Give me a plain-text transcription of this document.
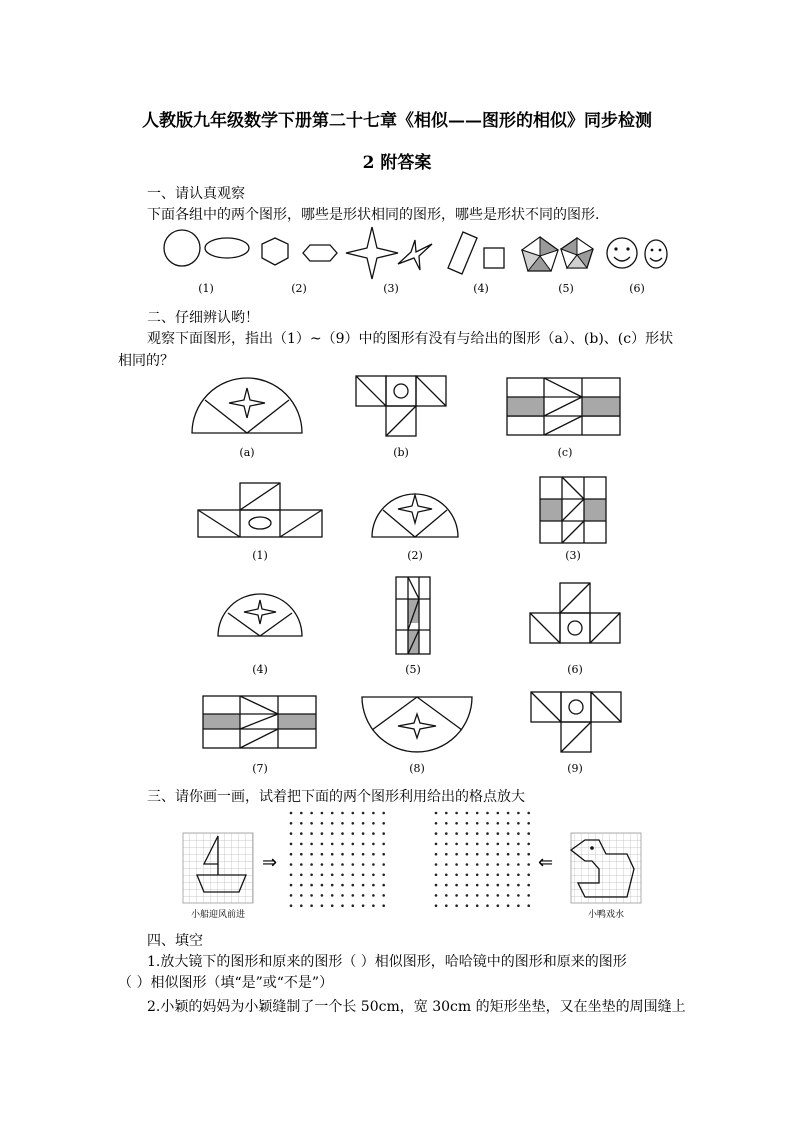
人教版九年级数学下册第二十七章《相似——图形的相似》同步检测
2 附答案
一、请认真观察
下面各组中的两个图形，哪些是形状相同的图形，哪些是形状不同的图形.
(1)	(2)	(3)	(4)	(5)	(6)
二、仔细辨认哟！
观察下面图形，指出（1）~（9）中的图形有没有与给出的图形（a）、(b)、(c）形状
相同的？
(a)	(b)	(c)
(1)	(2)	(3)
(4)	(5)	(6)
(7)	(8)	(9)
三、请你画一画，试着把下面的两个图形利用给出的格点放大
⇒	⇐
小船迎风前进	小鸭戏水
四、填空
1.放大镜下的图形和原来的图形（ ）相似图形，哈哈镜中的图形和原来的图形
（ ）相似图形（填“是”或“不是”）
2.小颖的妈妈为小颖缝制了一个长 50cm，宽 30cm 的矩形坐垫，又在坐垫的周围缝上
